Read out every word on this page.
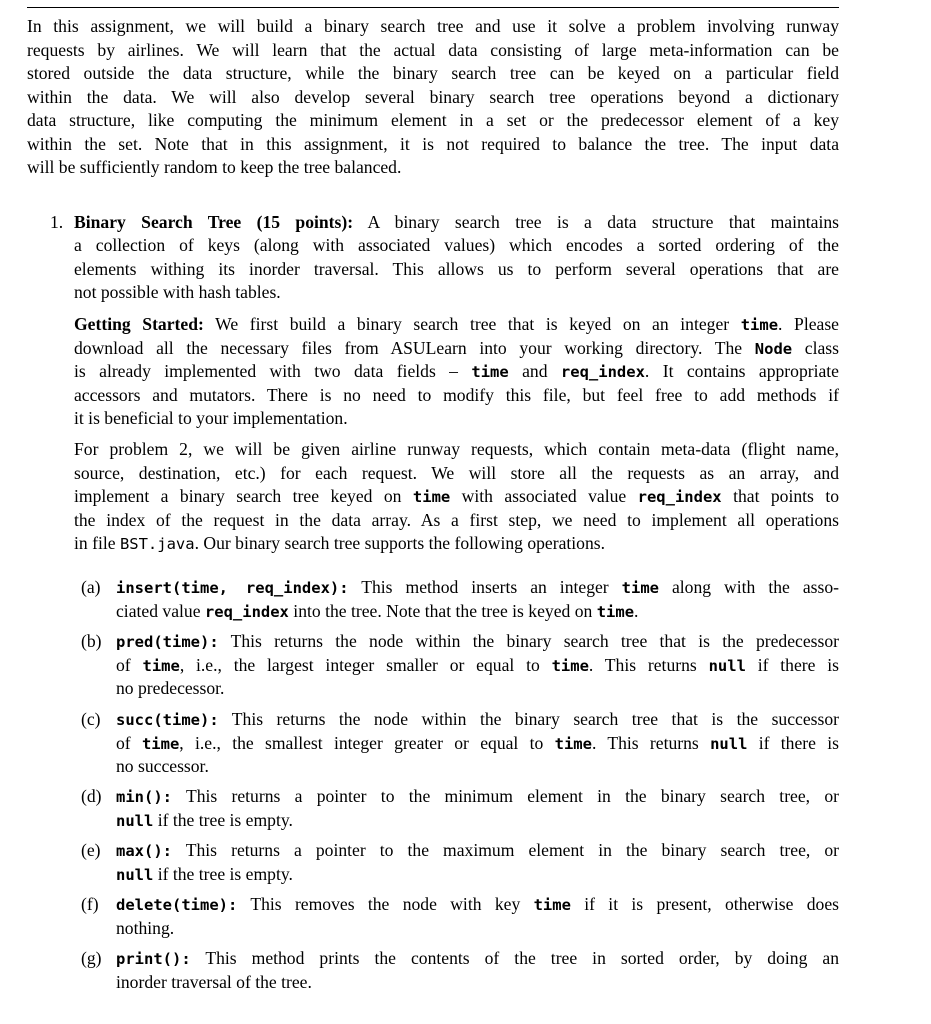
In this assignment, we will build a binary search tree and use it solve a problem involving runway
requests by airlines. We will learn that the actual data consisting of large meta-information can be
stored outside the data structure, while the binary search tree can be keyed on a particular field
within the data. We will also develop several binary search tree operations beyond a dictionary
data structure, like computing the minimum element in a set or the predecessor element of a key
within the set. Note that in this assignment, it is not required to balance the tree. The input data
will be sufficiently random to keep the tree balanced.
1. Binary Search Tree (15 points): A binary search tree is a data structure that maintains
a collection of keys (along with associated values) which encodes a sorted ordering of the
elements withing its inorder traversal. This allows us to perform several operations that are
not possible with hash tables.
Getting Started: We first build a binary search tree that is keyed on an integer time. Please
download all the necessary files from ASULearn into your working directory. The Node class
is already implemented with two data fields – time and req_index. It contains appropriate
accessors and mutators. There is no need to modify this file, but feel free to add methods if
it is beneficial to your implementation.
For problem 2, we will be given airline runway requests, which contain meta-data (flight name,
source, destination, etc.) for each request. We will store all the requests as an array, and
implement a binary search tree keyed on time with associated value req_index that points to
the index of the request in the data array. As a first step, we need to implement all operations
in file BST.java. Our binary search tree supports the following operations.
(a) insert(time, req_index): This method inserts an integer time along with the asso-
ciated value req_index into the tree. Note that the tree is keyed on time.
(b) pred(time): This returns the node within the binary search tree that is the predecessor
of time, i.e., the largest integer smaller or equal to time. This returns null if there is
no predecessor.
(c) succ(time): This returns the node within the binary search tree that is the successor
of time, i.e., the smallest integer greater or equal to time. This returns null if there is
no successor.
(d) min(): This returns a pointer to the minimum element in the binary search tree, or
null if the tree is empty.
(e) max(): This returns a pointer to the maximum element in the binary search tree, or
null if the tree is empty.
(f) delete(time): This removes the node with key time if it is present, otherwise does
nothing.
(g) print(): This method prints the contents of the tree in sorted order, by doing an
inorder traversal of the tree.
